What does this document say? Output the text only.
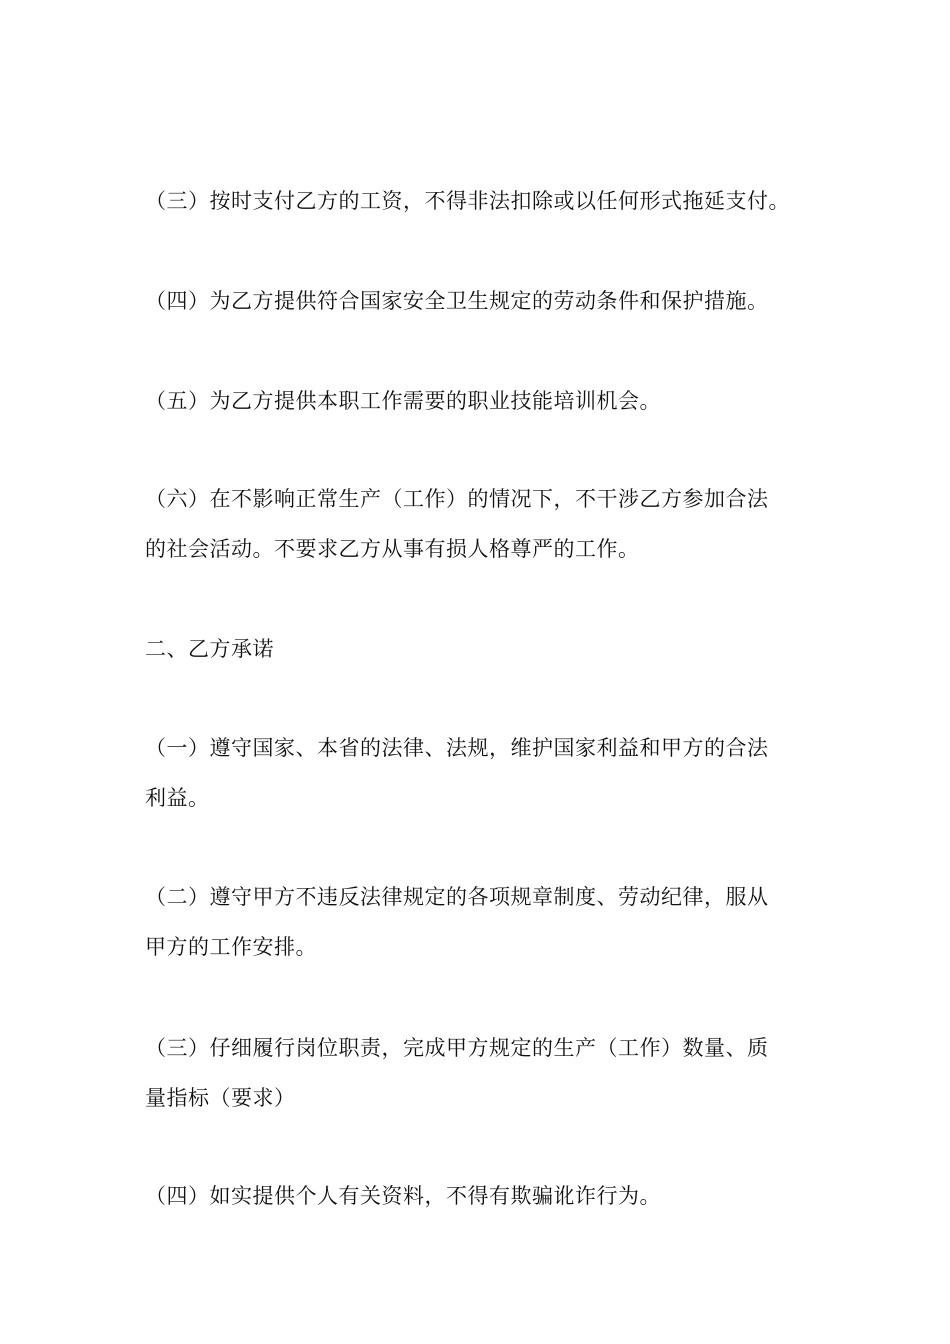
（三）按时支付乙方的工资，不得非法扣除或以任何形式拖延支付。

（四）为乙方提供符合国家安全卫生规定的劳动条件和保护措施。

（五）为乙方提供本职工作需要的职业技能培训机会。

（六）在不影响正常生产（工作）的情况下，不干涉乙方参加合法
的社会活动。不要求乙方从事有损人格尊严的工作。

二、乙方承诺

（一）遵守国家、本省的法律、法规，维护国家利益和甲方的合法
利益。

（二）遵守甲方不违反法律规定的各项规章制度、劳动纪律，服从
甲方的工作安排。

（三）仔细履行岗位职责，完成甲方规定的生产（工作）数量、质
量指标（要求）

（四）如实提供个人有关资料，不得有欺骗讹诈行为。
